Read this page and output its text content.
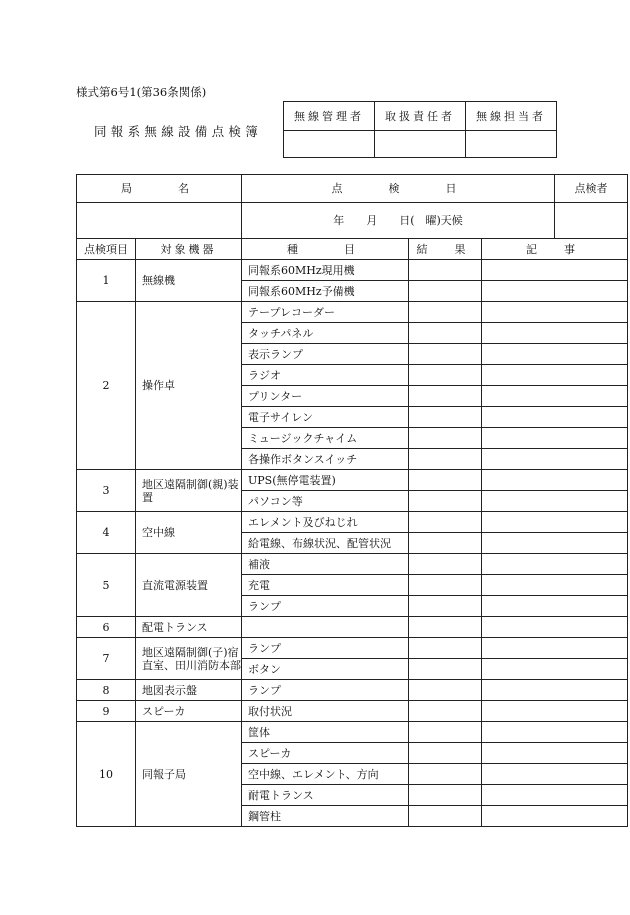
様式第6号1(第36条関係)
同報系無線設備点検簿
無線管理者	取扱責任者	無線担当者

局　　名		点　　検　　日			点検者
		年　　月　　日(　曜)天候			
点検項目	対象機器	種　　目	結　果	記　事	
1	無線機	同報系60MHz現用機			
		同報系60MHz予備機			
2	操作卓	テープレコーダー			
		タッチパネル			
		表示ランプ			
		ラジオ			
		プリンター			
		電子サイレン			
		ミュージックチャイム			
		各操作ボタンスイッチ			
3	地区遠隔制御(親)装置	UPS(無停電装置)			
		パソコン等			
4	空中線	エレメント及びねじれ			
		給電線、布線状況、配管状況			
5	直流電源装置	補液			
		充電			
		ランプ			
6	配電トランス				
7	地区遠隔制御(子)宿直室、田川消防本部	ランプ			
		ボタン			
8	地図表示盤	ランプ			
9	スピーカ	取付状況			
10	同報子局	筐体			
		スピーカ			
		空中線、エレメント、方向			
		耐電トランス			
		鋼管柱			
